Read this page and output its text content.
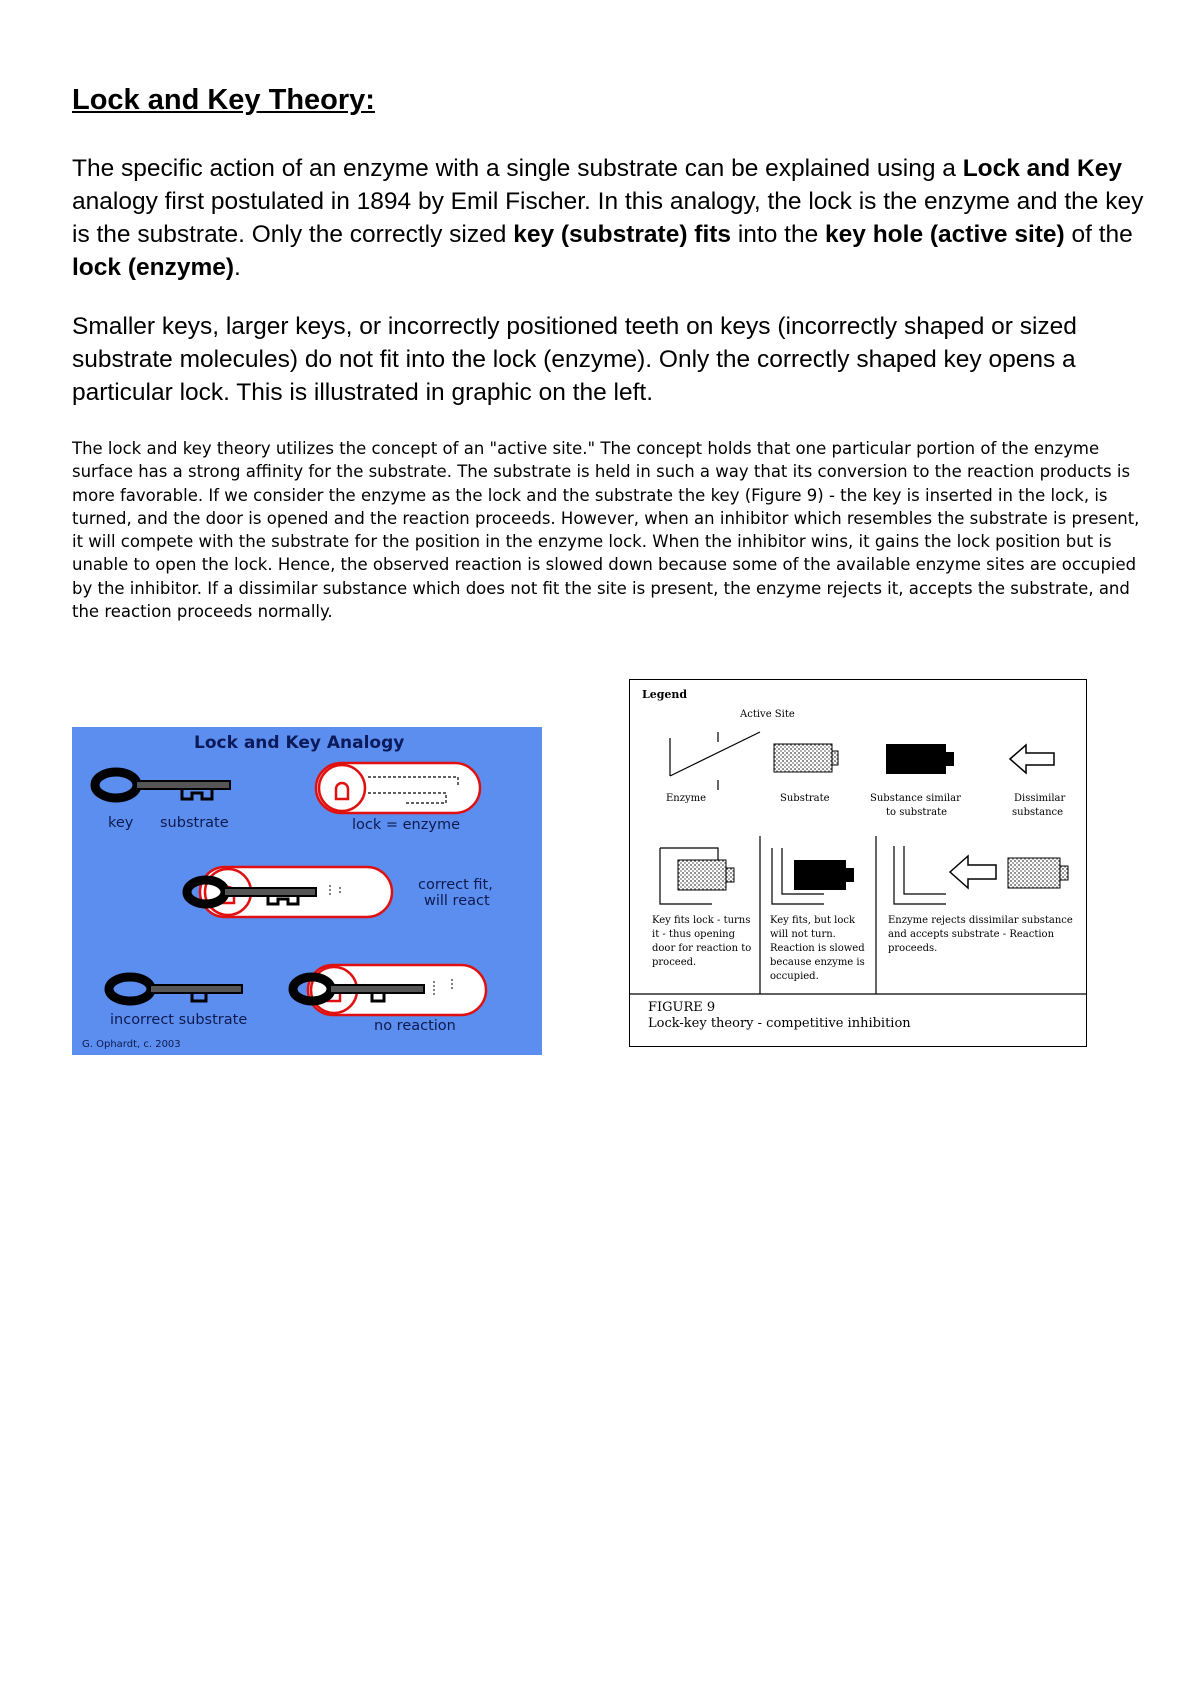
Lock and Key Theory:
The specific action of an enzyme with a single substrate can be explained using a Lock and Key analogy first postulated in 1894 by Emil Fischer. In this analogy, the lock is the enzyme and the key is the substrate. Only the correctly sized key (substrate) fits into the key hole (active site) of the lock (enzyme).
Smaller keys, larger keys, or incorrectly positioned teeth on keys (incorrectly shaped or sized substrate molecules) do not fit into the lock (enzyme). Only the correctly shaped key opens a particular lock. This is illustrated in graphic on the left.
The lock and key theory utilizes the concept of an "active site." The concept holds that one particular portion of the enzyme surface has a strong affinity for the substrate. The substrate is held in such a way that its conversion to the reaction products is more favorable. If we consider the enzyme as the lock and the substrate the key (Figure 9) - the key is inserted in the lock, is turned, and the door is opened and the reaction proceeds. However, when an inhibitor which resembles the substrate is present, it will compete with the substrate for the position in the enzyme lock. When the inhibitor wins, it gains the lock position but is unable to open the lock. Hence, the observed reaction is slowed down because some of the available enzyme sites are occupied by the inhibitor. If a dissimilar substance which does not fit the site is present, the enzyme rejects it, accepts the substrate, and the reaction proceeds normally.
Lock and Key Analogy
key substrate	lock = enzyme
correct fit,
will react
incorrect substrate	no reaction
G. Ophardt, c. 2003
Legend
Active Site
Enzyme	Substrate	Substance similar
to substrate
Dissimilar
substance
Key fits lock - turns it - thus opening door for reaction to proceed.
Key fits, but lock will not turn. Reaction is slowed because enzyme is occupied.
Enzyme rejects dissimilar substance and accepts substrate - Reaction proceeds.
FIGURE 9
Lock-key theory - competitive inhibition
